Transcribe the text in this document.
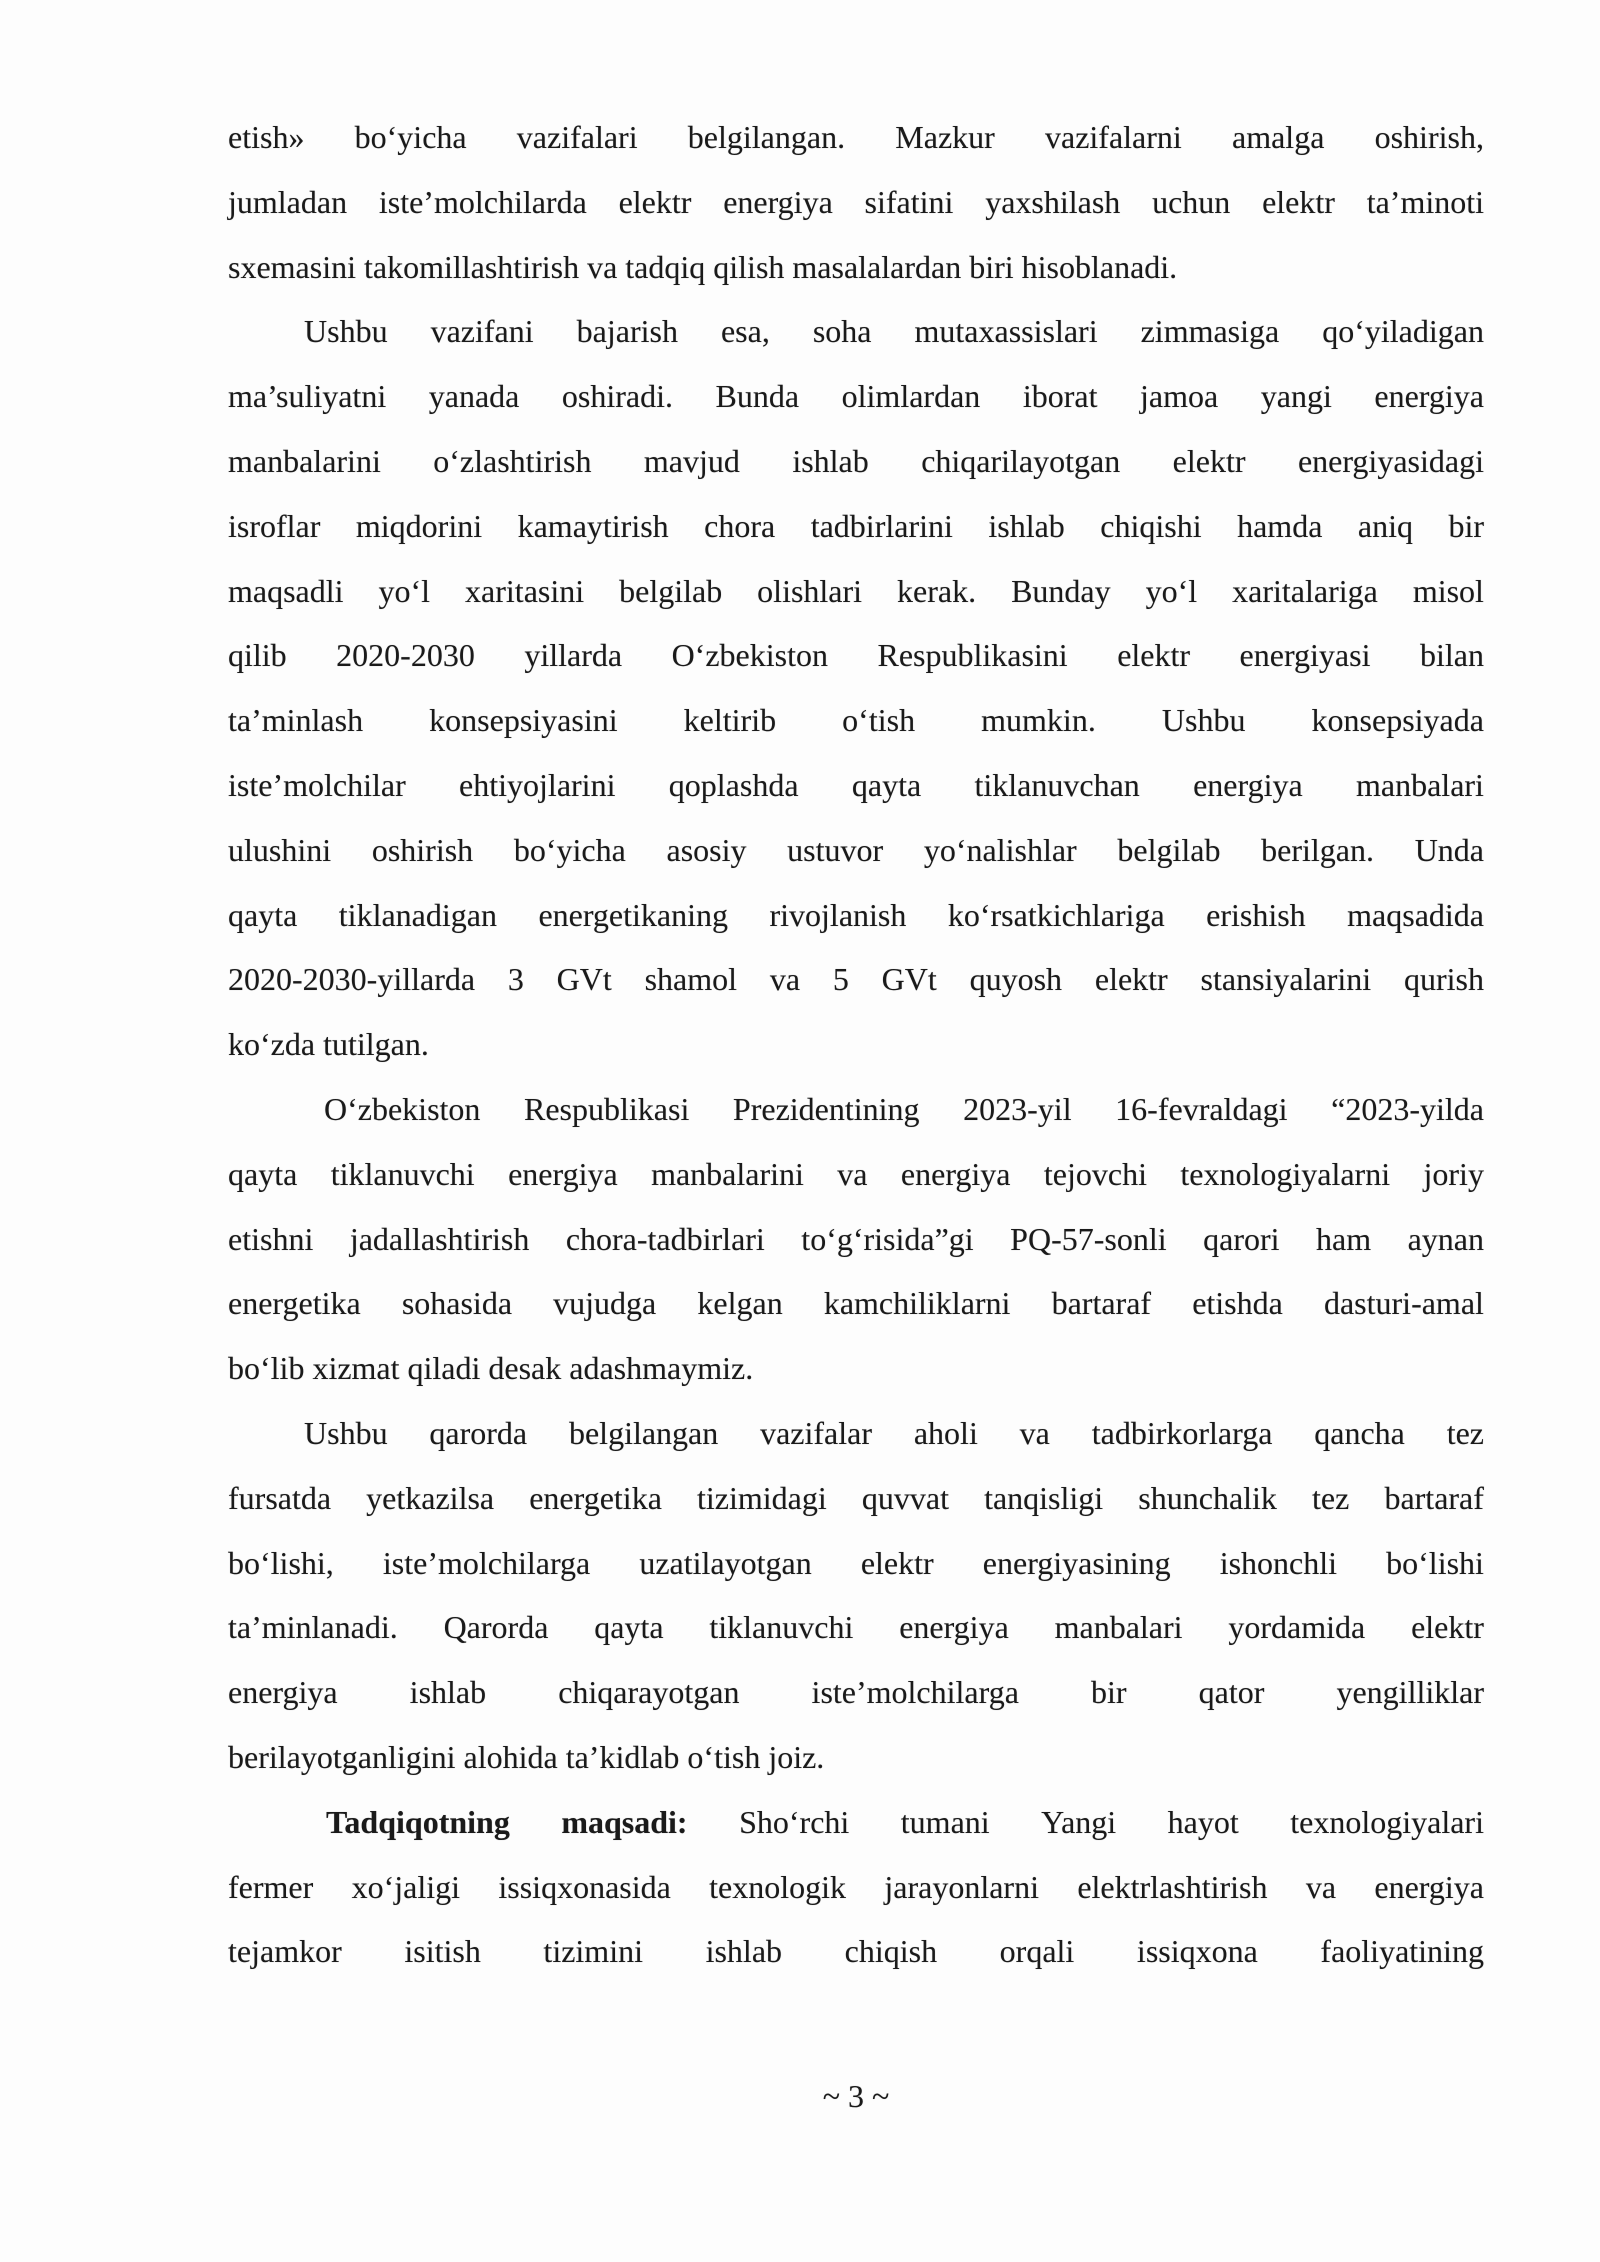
etish» bo‘yicha vazifalari belgilangan. Mazkur vazifalarni amalga oshirish,
jumladan iste’molchilarda elektr energiya sifatini yaxshilash uchun elektr ta’minoti
sxemasini takomillashtirish va tadqiq qilish masalalardan biri hisoblanadi.
Ushbu vazifani bajarish esa, soha mutaxassislari zimmasiga qo‘yiladigan
ma’suliyatni yanada oshiradi. Bunda olimlardan iborat jamoa yangi energiya
manbalarini o‘zlashtirish mavjud ishlab chiqarilayotgan elektr energiyasidagi
isroflar miqdorini kamaytirish chora tadbirlarini ishlab chiqishi hamda aniq bir
maqsadli yo‘l xaritasini belgilab olishlari kerak. Bunday yo‘l xaritalariga misol
qilib 2020-2030 yillarda O‘zbekiston Respublikasini elektr energiyasi bilan
ta’minlash konsepsiyasini keltirib o‘tish mumkin. Ushbu konsepsiyada
iste’molchilar ehtiyojlarini qoplashda qayta tiklanuvchan energiya manbalari
ulushini oshirish bo‘yicha asosiy ustuvor yo‘nalishlar belgilab berilgan. Unda
qayta tiklanadigan energetikaning rivojlanish ko‘rsatkichlariga erishish maqsadida
2020-2030-yillarda 3 GVt shamol va 5 GVt quyosh elektr stansiyalarini qurish
ko‘zda tutilgan.
O‘zbekiston Respublikasi Prezidentining 2023-yil 16-fevraldagi “2023-yilda
qayta tiklanuvchi energiya manbalarini va energiya tejovchi texnologiyalarni joriy
etishni jadallashtirish chora-tadbirlari to‘g‘risida”gi PQ-57-sonli qarori ham aynan
energetika sohasida vujudga kelgan kamchiliklarni bartaraf etishda dasturi-amal
bo‘lib xizmat qiladi desak adashmaymiz.
Ushbu qarorda belgilangan vazifalar aholi va tadbirkorlarga qancha tez
fursatda yetkazilsa energetika tizimidagi quvvat tanqisligi shunchalik tez bartaraf
bo‘lishi, iste’molchilarga uzatilayotgan elektr energiyasining ishonchli bo‘lishi
ta’minlanadi. Qarorda qayta tiklanuvchi energiya manbalari yordamida elektr
energiya ishlab chiqarayotgan iste’molchilarga bir qator yengilliklar
berilayotganligini alohida ta’kidlab o‘tish joiz.
Tadqiqotning maqsadi: Sho‘rchi tumani Yangi hayot texnologiyalari
fermer xo‘jaligi issiqxonasida texnologik jarayonlarni elektrlashtirish va energiya
tejamkor isitish tizimini ishlab chiqish orqali issiqxona faoliyatining
~ 3 ~
